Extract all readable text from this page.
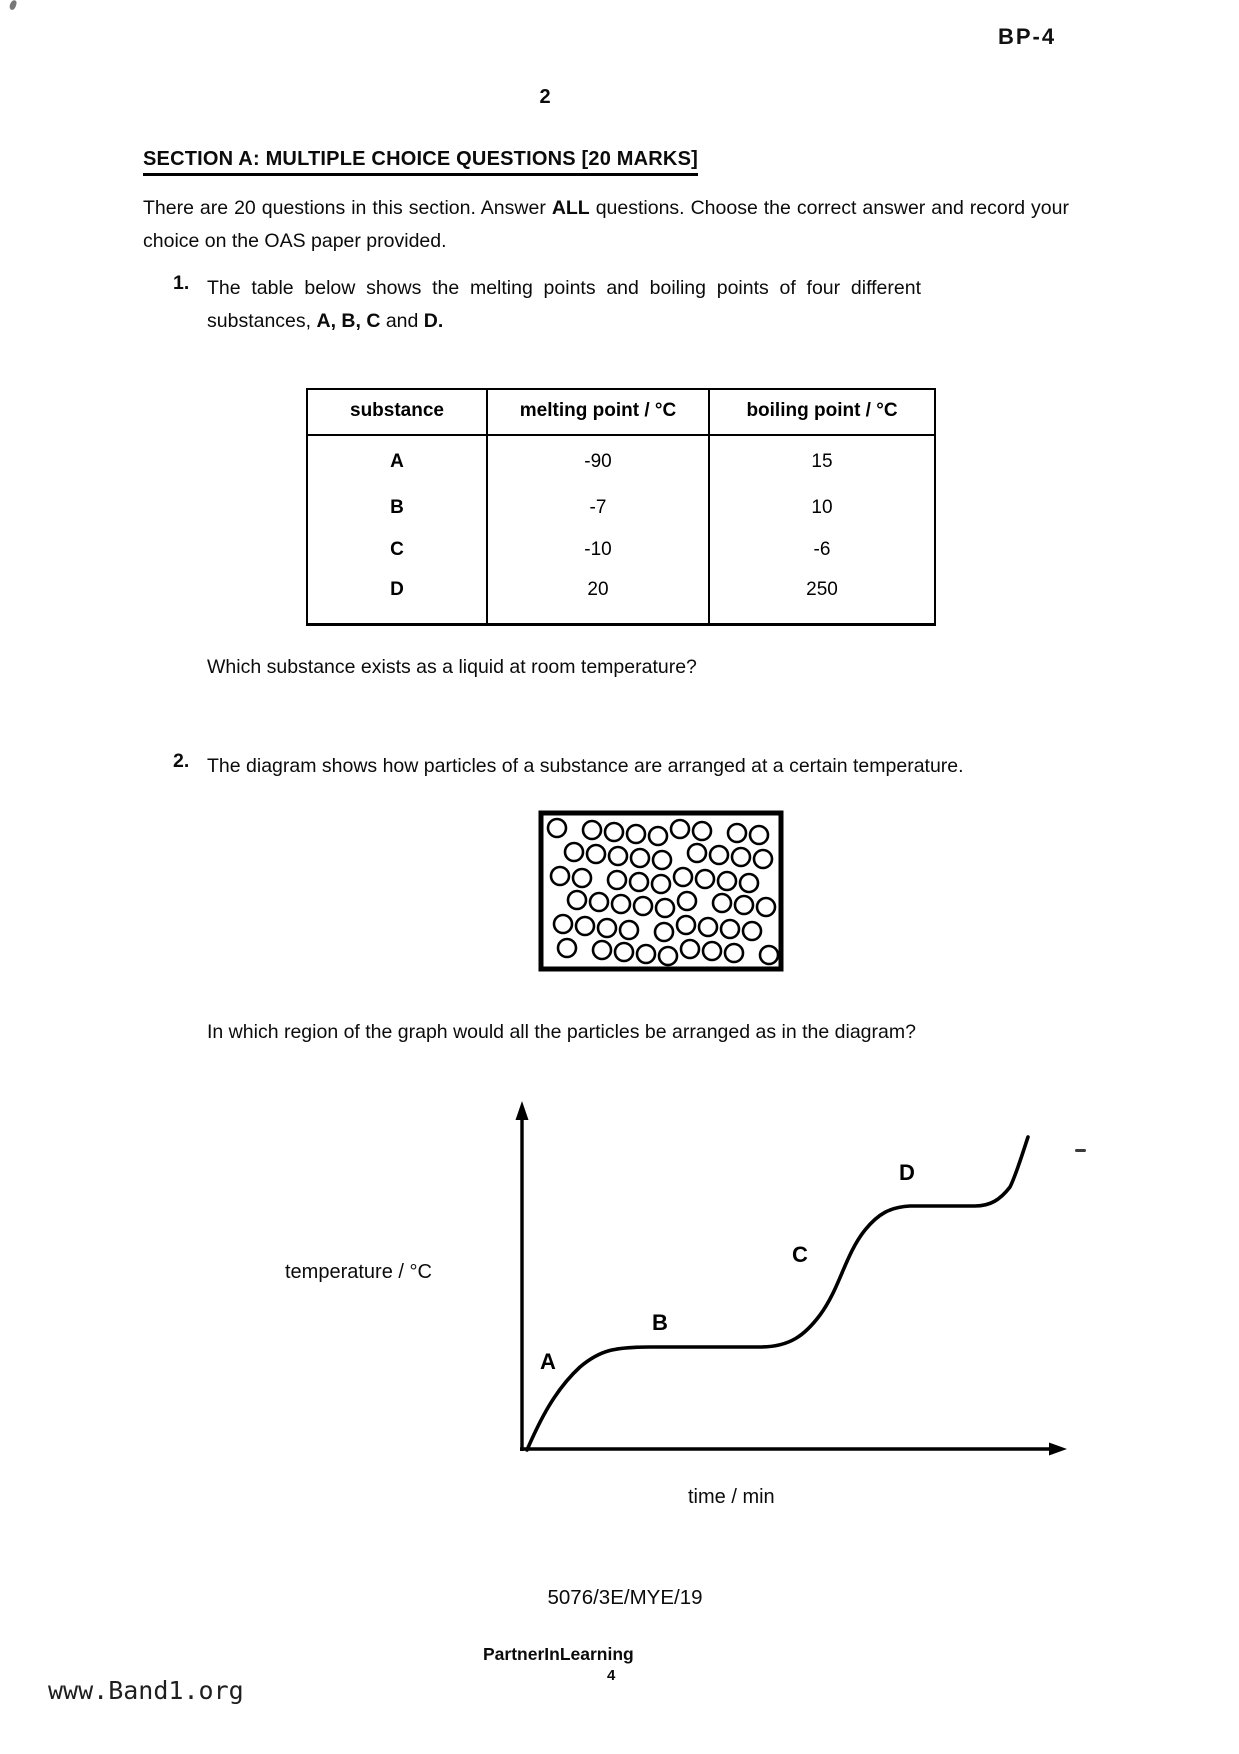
BP-4
2
SECTION A: MULTIPLE CHOICE QUESTIONS [20 MARKS]
There are 20 questions in this section. Answer ALL questions. Choose the correct answer and record your choice on the OAS paper provided.
1. The table below shows the melting points and boiling points of four different substances, A, B, C and D.
substance	melting point / °C	boiling point / °C
A	-90	15
B	-7	10
C	-10	-6
D	20	250
Which substance exists as a liquid at room temperature?
2. The diagram shows how particles of a substance are arranged at a certain temperature.
In which region of the graph would all the particles be arranged as in the diagram?
A
B
C
D
temperature / °C
time / min
5076/3E/MYE/19
PartnerInLearning
4
www.Band1.org
